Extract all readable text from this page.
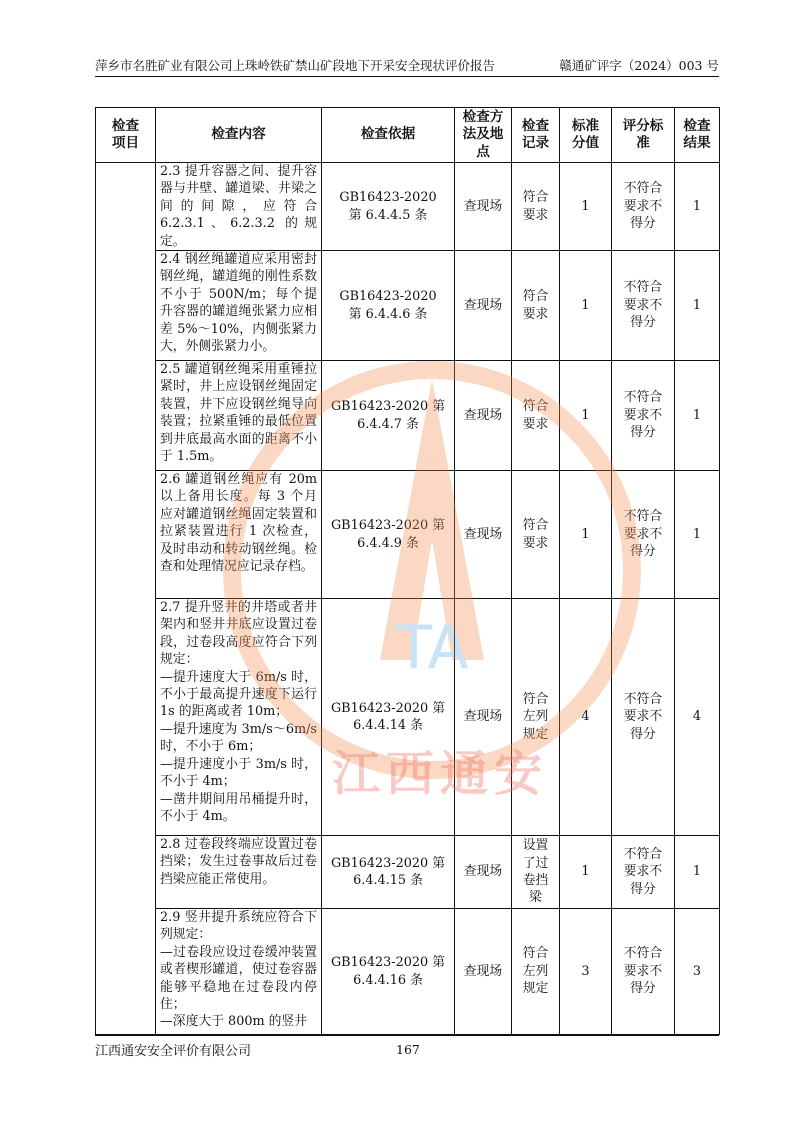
萍乡市名胜矿业有限公司上珠岭铁矿禁山矿段地下开采安全现状评价报告	赣通矿评字（2024）003 号
检查
项目	检查内容	检查依据	检查方
法及地
点	检查
记录	标准
分值	评分标
准	检查
结果

	2.3 提升容器之间、提升容器与井壁、罐道梁、井梁之间的间隙，应符合 6.2.3.1、6.2.3.2 的规定。	GB16423-2020
第 6.4.4.5 条	查现场	符合
要求	1	不符合
要求不
得分	1

	2.4 钢丝绳罐道应采用密封钢丝绳，罐道绳的刚性系数不小于 500N/m；每个提升容器的罐道绳张紧力应相差 5%～10%，内侧张紧力大，外侧张紧力小。	GB16423-2020
第 6.4.4.6 条	查现场	符合
要求	1	不符合
要求不
得分	1

	2.5 罐道钢丝绳采用重锤拉紧时，井上应设钢丝绳固定装置，井下应设钢丝绳导向装置；拉紧重锤的最低位置到井底最高水面的距离不小于 1.5m。	GB16423-2020 第
6.4.4.7 条	查现场	符合
要求	1	不符合
要求不
得分	1

	2.6 罐道钢丝绳应有 20m 以上备用长度。每 3 个月应对罐道钢丝绳固定装置和拉紧装置进行 1 次检查，及时串动和转动钢丝绳。检查和处理情况应记录存档。	GB16423-2020 第
6.4.4.9 条	查现场	符合
要求	1	不符合
要求不
得分	1

	2.7 提升竖井的井塔或者井架内和竖井井底应设置过卷段，过卷段高度应符合下列规定：
—提升速度大于 6m/s 时，不小于最高提升速度下运行 1s 的距离或者 10m；
—提升速度为 3m/s～6m/s 时，不小于 6m；
—提升速度小于 3m/s 时，不小于 4m；
—凿井期间用吊桶提升时，不小于 4m。	GB16423-2020 第
6.4.4.14 条	查现场	符合
左列
规定	4	不符合
要求不
得分	4

	2.8 过卷段终端应设置过卷挡梁；发生过卷事故后过卷挡梁应能正常使用。	GB16423-2020 第
6.4.4.15 条	查现场	设置
了过
卷挡
梁	1	不符合
要求不
得分	1

	2.9 竖井提升系统应符合下列规定：
—过卷段应设过卷缓冲装置或者楔形罐道，使过卷容器能够平稳地在过卷段内停住；
—深度大于 800m 的竖井	GB16423-2020 第
6.4.4.16 条	查现场	符合
左列
规定	3	不符合
要求不
得分	3
TA
江西通安
江西通安安全评价有限公司	167
